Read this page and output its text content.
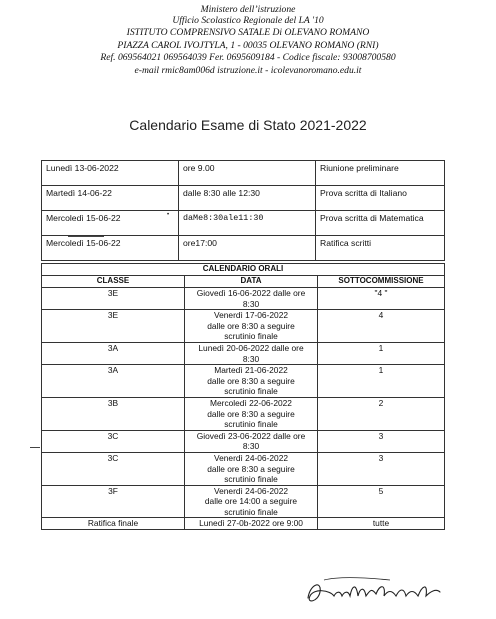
Ministero dell’istruzione
Ufficio Scolastico Regionale del LA '10
ISTITUTO COMPRENSIVO SATALE Di OLEVANO ROMANO
PIAZZA CAROL IVOJTYLA, 1 - 00035 OLEVANO ROMANO (RNI)
Ref. 069564021 069564039 Fer. 0695609184 - Codice fiscale: 93008700580
e-mail rmic8am006d istruzione.it - icolevanoromano.edu.it
Calendario Esame di Stato 2021-2022
Lunedì 13-06-2022	ore 9.00	Riunione preliminare
Martedì 14-06-22	dalle 8:30 alle 12:30	Prova scritta di Italiano
Mercoledì 15-06-22	daMe8:30ale11:30	Prova scritta di Matematica
Mercoledì 15-06-22	ore17:00	Ratifica scritti
•
CALENDARIO ORALI		
CLASSE	DATA	SOTTOCOMMISSIONE
3E	Giovedì 16-06-2022 dalle ore
8:30	"4 "
3E	Venerdì 17-06-2022
dalle ore 8:30 a seguire
scrutinio finale	4
3A	Lunedì 20-06-2022 dalle ore
8:30	1
3A	Martedì 21-06-2022
dalle ore 8:30 a seguire
scrutinio finale	1
3B	Mercoledì 22-06-2022
dalle ore 8:30 a seguire
scrutinio finale	2
3C	Giovedì 23-06-2022 dalle ore
8:30	3
3C	Venerdì 24-06-2022
dalle ore 8:30 a seguire
scrutinio finale	3
3F	Venerdì 24-06-2022
dalle ore 14:00 a seguire
scrutinio finale	5
Ratifica finale	Lunedì 27-0b-2022 ore 9:00	tutte
